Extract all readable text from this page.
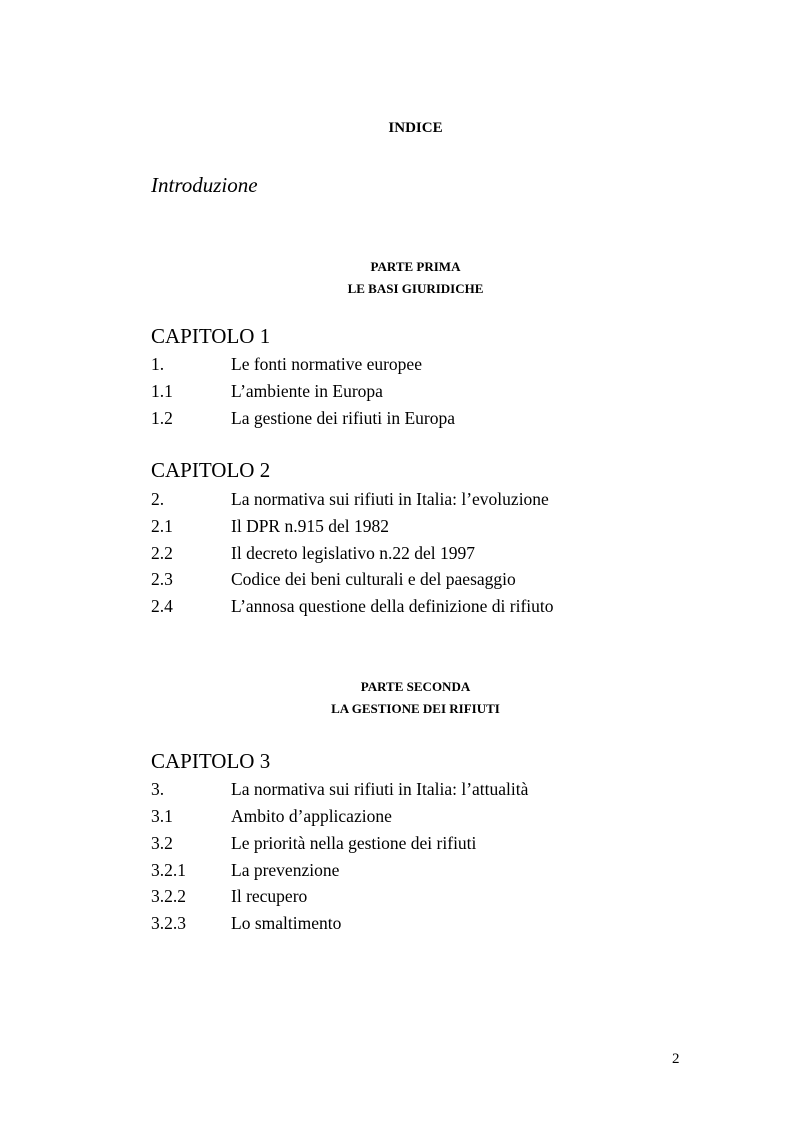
INDICE
Introduzione
PARTE PRIMA
LE BASI GIURIDICHE
CAPITOLO 1
1.	Le fonti normative europee
1.1	L’ambiente in Europa
1.2	La gestione dei rifiuti in Europa
CAPITOLO 2
2.	La normativa sui rifiuti in Italia: l’evoluzione
2.1	Il DPR n.915 del 1982
2.2	Il decreto legislativo n.22 del 1997
2.3	Codice dei beni culturali e del paesaggio
2.4	L’annosa questione della definizione di rifiuto
PARTE SECONDA
LA GESTIONE DEI RIFIUTI
CAPITOLO 3
3.	La normativa sui rifiuti in Italia: l’attualità
3.1	Ambito d’applicazione
3.2	Le priorità nella gestione dei rifiuti
3.2.1	La prevenzione
3.2.2	Il recupero
3.2.3	Lo smaltimento
2
